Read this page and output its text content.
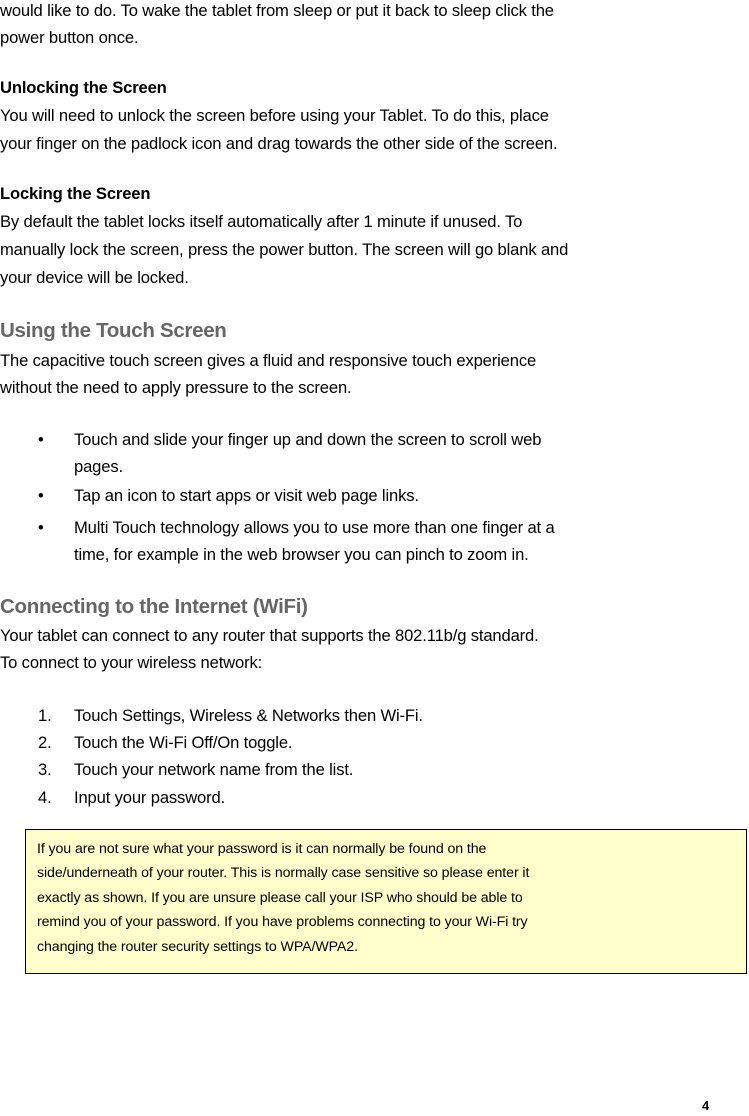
would like to do. To wake the tablet from sleep or put it back to sleep click the
power button once.
Unlocking the Screen
You will need to unlock the screen before using your Tablet. To do this, place
your finger on the padlock icon and drag towards the other side of the screen.
Locking the Screen
By default the tablet locks itself automatically after 1 minute if unused. To
manually lock the screen, press the power button. The screen will go blank and
your device will be locked.
Using the Touch Screen
The capacitive touch screen gives a fluid and responsive touch experience
without the need to apply pressure to the screen.
• Touch and slide your finger up and down the screen to scroll web
pages.
• Tap an icon to start apps or visit web page links.
• Multi Touch technology allows you to use more than one finger at a
time, for example in the web browser you can pinch to zoom in.
Connecting to the Internet (WiFi)
Your tablet can connect to any router that supports the 802.11b/g standard.
To connect to your wireless network:
1. Touch Settings, Wireless & Networks then Wi-Fi.
2. Touch the Wi-Fi Off/On toggle.
3. Touch your network name from the list.
4. Input your password.
If you are not sure what your password is it can normally be found on the
side/underneath of your router. This is normally case sensitive so please enter it
exactly as shown. If you are unsure please call your ISP who should be able to
remind you of your password. If you have problems connecting to your Wi-Fi try
changing the router security settings to WPA/WPA2.
4
